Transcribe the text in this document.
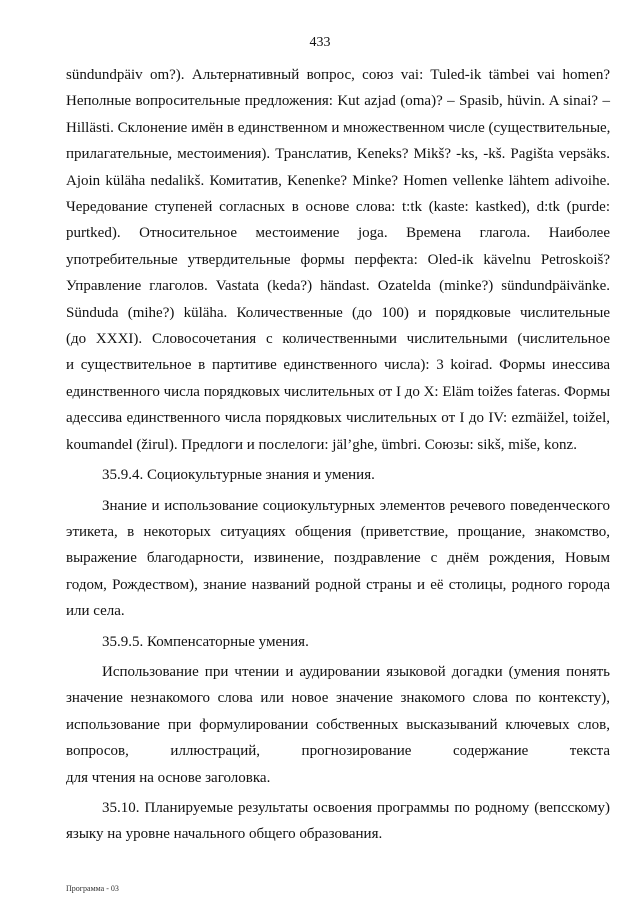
433
sündundpäiv om?). Альтернативный вопрос, союз vai: Tuled-ik tämbei vai homen?
Неполные вопросительные предложения: Kut azjad (oma)? – Spasib, hüvin. A sinai? –
Hillästi. Склонение имён в единственном и множественном числе (существительные,
прилагательные, местоимения). Транслатив, Keneks? Mikš? -ks, -kš. Pagišta vepsäks.
Ajoin küläha nedalikš. Комитатив, Kenenke? Minke? Homen vellenke lähtem adivoihe.
Чередование ступеней согласных в основе слова: t:tk (kaste: kastked), d:tk (purde:
purtked).    Относительное    местоимение    joga.    Времена    глагола.    Наиболее
употребительные утвердительные формы перфекта: Oled-ik kävelnu Petroskoiš?
Управление глаголов. Vastata (keda?) händast. Ozatelda (minke?) sündundpäivänke.
Sünduda (mihe?) küläha. Количественные (до 100) и порядковые числительные
(до XXXI). Словосочетания с количественными числительными (числительное
и существительное в партитиве единственного числа): 3 koirad. Формы инессива
единственного числа порядковых числительных от I до X: Eläm toižes fateras. Формы
адессива единственного числа порядковых числительных от I до IV: ezmäižel, toižel,
koumandel (žirul). Предлоги и послелоги: jäl’ghe, ümbri. Союзы: sikš, miše, konz.

35.9.4. Социокультурные знания и умения.

Знание и использование социокультурных элементов речевого поведенческого
этикета, в некоторых ситуациях общения (приветствие, прощание, знакомство,
выражение благодарности, извинение, поздравление с днём рождения, Новым
годом, Рождеством), знание названий родной страны и её столицы, родного города
или села.

35.9.5. Компенсаторные умения.

Использование при чтении и аудировании языковой догадки (умения понять
значение незнакомого слова или новое значение знакомого слова по контексту),
использование при формулировании собственных высказываний ключевых слов,
вопросов,          иллюстраций,          прогнозирование          содержание          текста
для чтения на основе заголовка.
35.10. Планируемые результаты освоения программы по родному (вепсскому)
языку на уровне начального общего образования.
Программа - 03
